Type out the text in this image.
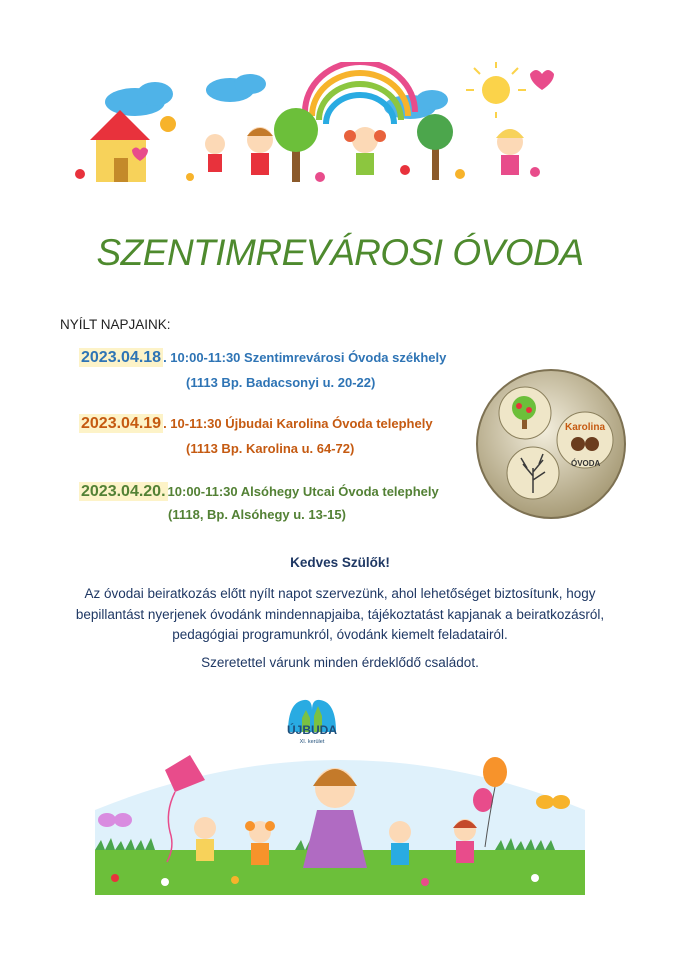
SZENTIMREVÁROSI ÓVODA
NYÍLT NAPJAINK:
2023.04.18 . 10:00-11:30 Szentimrevárosi Óvoda székhely
(1113 Bp. Badacsonyi u. 20-22)
2023.04.19 . 10-11:30 Újbudai Karolina Óvoda telephely
(1113 Bp. Karolina u. 64-72)
2023.04.20. 10:00-11:30 Alsóhegy Utcai Óvoda telephely
(1118, Bp. Alsóhegy u. 13-15)
Karolina
ÓVODA
Kedves Szülők!
Az óvodai beiratkozás előtt nyílt napot szervezünk, ahol lehetőséget biztosítunk, hogy bepillantást nyerjenek óvodánk mindennapjaiba, tájékoztatást kapjanak a beiratkozásról, pedagógiai programunkról, óvodánk kiemelt feladatairól.
Szeretettel várunk minden érdeklődő családot.
ÚJBUDA
XI. kerület
